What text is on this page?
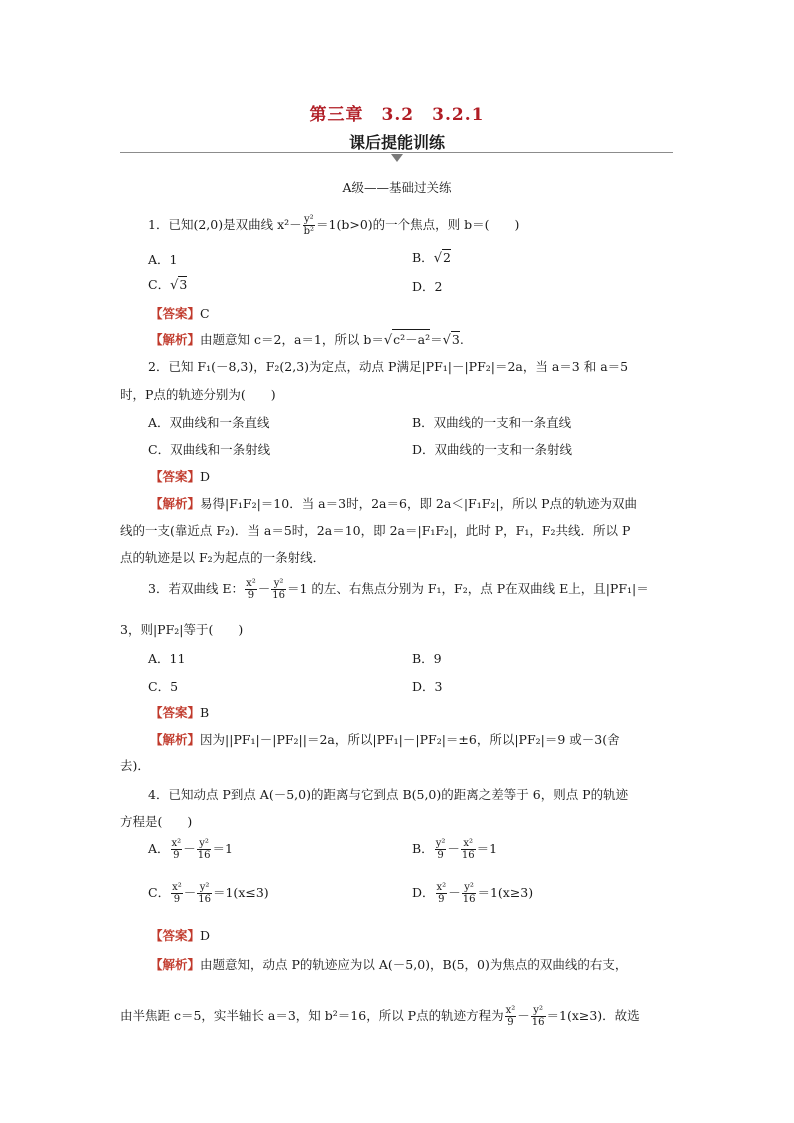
第三章　3.2　3.2.1
课后提能训练
A级——基础过关练
1．已知(2,0)是双曲线 $x^2- \frac{\text{y²}}{\text{b²}} =1(b>0)$的一个焦点，则 b＝(　　)
A．1	B．√2
C．√3	D．2
【答案】C
【解析】由题意知 c＝2，a＝1，所以 b＝√c²－a²＝√3.
2．已知 F₁(－8,3)，F₂(2,3)为定点，动点 P满足|PF₁|－|PF₂|＝2a，当 a＝3 和 a＝5
时，P点的轨迹分别为(　　)
A．双曲线和一条直线	B．双曲线的一支和一条直线
C．双曲线和一条射线	D．双曲线的一支和一条射线
【答案】D
【解析】易得|F₁F₂|＝10．当 a＝3时，2a＝6，即 2a＜|F₁F₂|，所以 P点的轨迹为双曲
线的一支(靠近点 F₂)．当 a＝5时，2a＝10，即 2a＝|F₁F₂|，此时 P，F₁，F₂共线．所以 P
点的轨迹是以 F₂为起点的一条射线．
3．若双曲线 E： $\frac{\text{x²}}{9} - \frac{\text{y²}}{16} =1$ 的左、右焦点分别为 F₁，F₂，点 P在双曲线 E上，且|PF₁|＝
3，则|PF₂|等于(　　)
A．11	B．9
C．5	D．3
【答案】B
【解析】因为||PF₁|－|PF₂||＝2a，所以|PF₁|－|PF₂|＝±6，所以|PF₂|＝9 或－3(舍
去)．
4．已知动点 P到点 A(－5,0)的距离与它到点 B(5,0)的距离之差等于 6，则点 P的轨迹
方程是(　　)
A． $\frac{\text{x²}}{9} - \frac{\text{y²}}{16} =1$	B． $\frac{\text{y²}}{9} - \frac{\text{x²}}{16} =1$
C． $\frac{\text{x²}}{9} - \frac{\text{y²}}{16} =1(x\le 3)$	D． $\frac{\text{x²}}{9} - \frac{\text{y²}}{16} =1(x\ge 3)$
【答案】D
【解析】由题意知，动点 P的轨迹应为以 A(－5,0)，B(5，0)为焦点的双曲线的右支，
由半焦距 c＝5，实半轴长 a＝3，知 b²＝16，所以 P点的轨迹方程为 $\frac{\text{x²}}{9} - \frac{\text{y²}}{16} =1(x\ge 3)$．故选
